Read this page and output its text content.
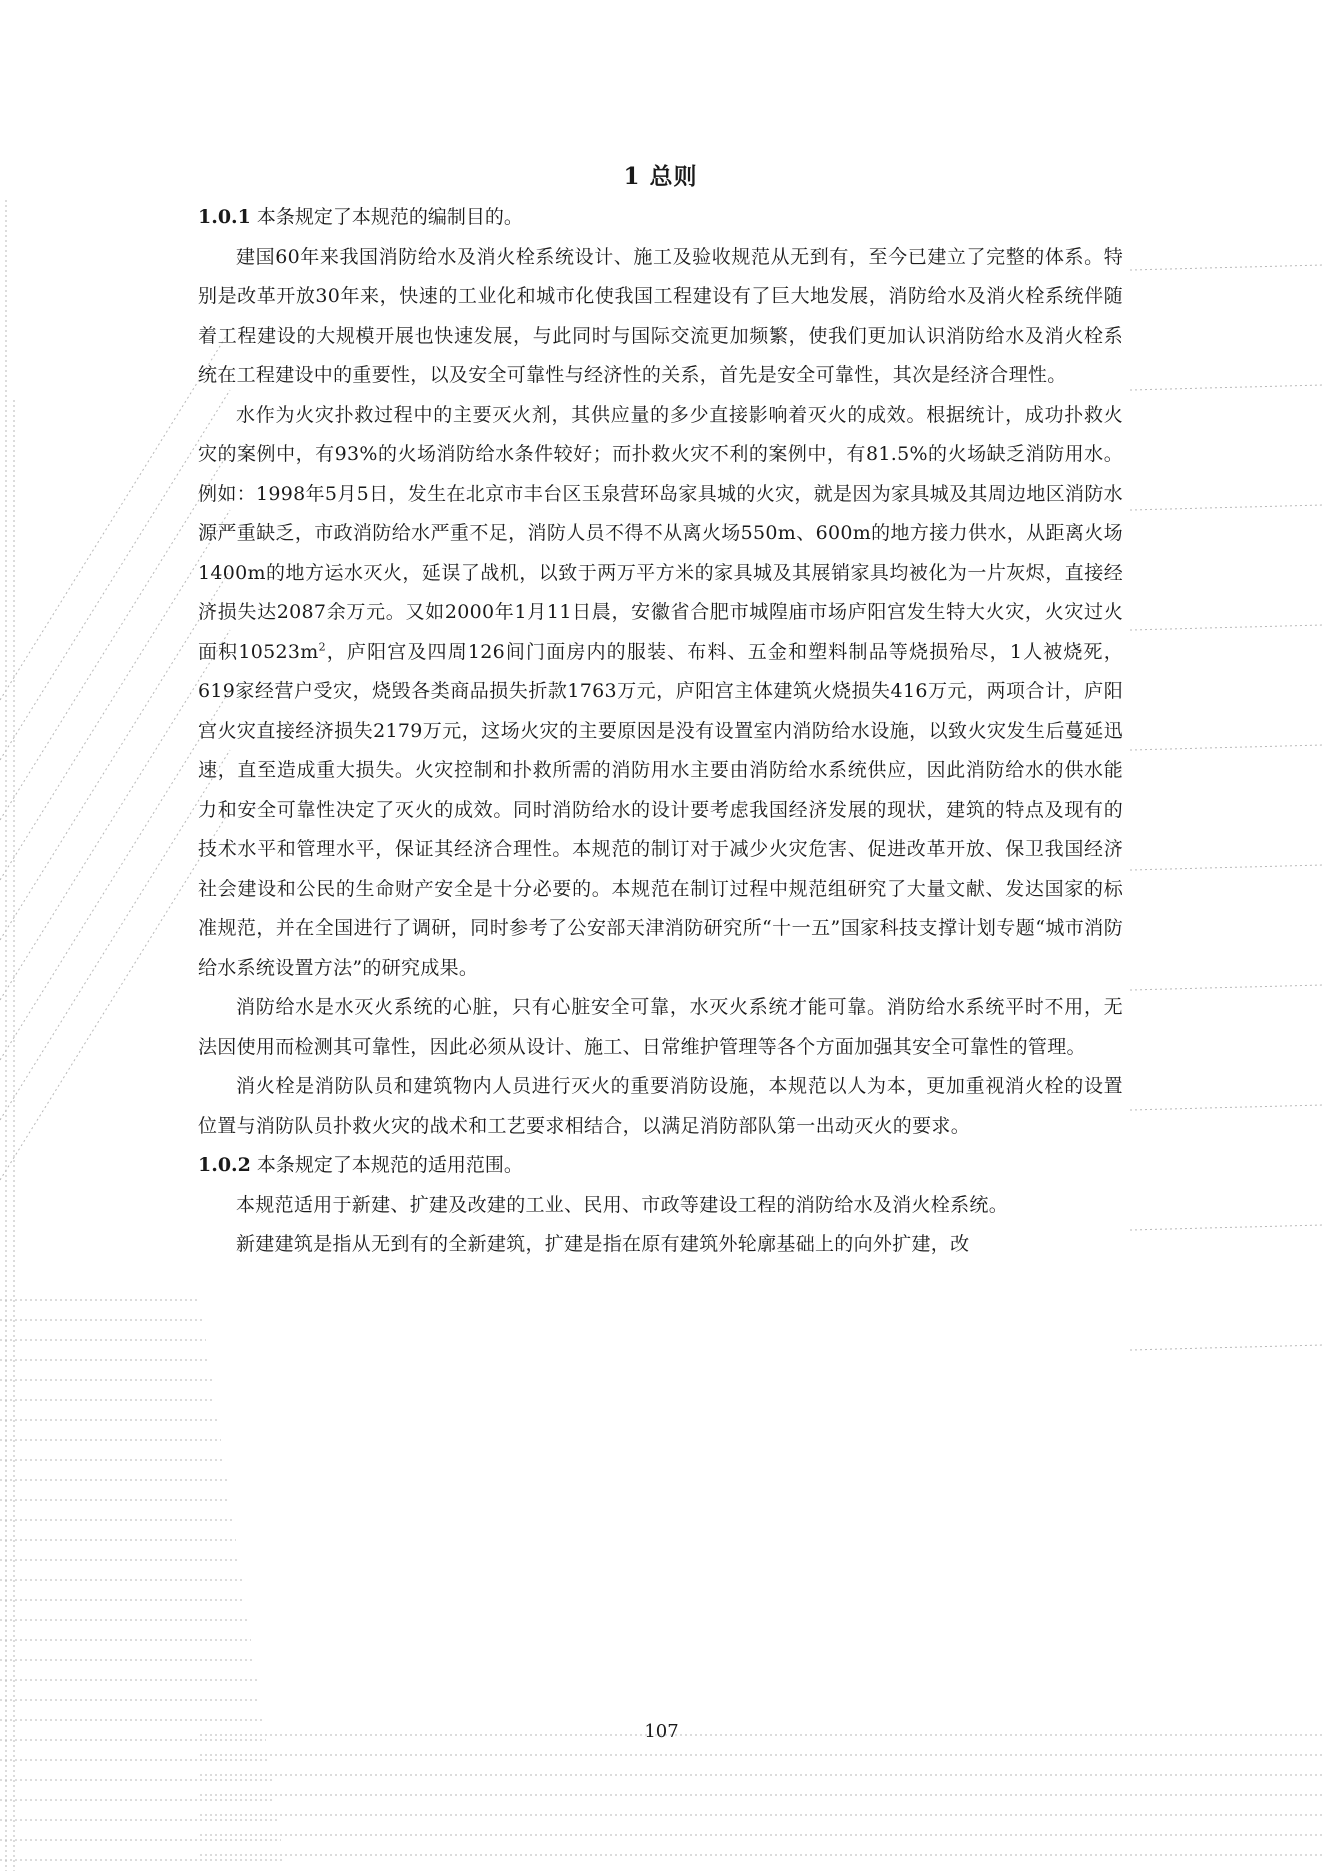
1 总则

1.0.1 本条规定了本规范的编制目的。

建国60年来我国消防给水及消火栓系统设计、施工及验收规范从无到有，至今已建立了完整的体系。特别是改革开放30年来，快速的工业化和城市化使我国工程建设有了巨大地发展，消防给水及消火栓系统伴随着工程建设的大规模开展也快速发展，与此同时与国际交流更加频繁，使我们更加认识消防给水及消火栓系统在工程建设中的重要性，以及安全可靠性与经济性的关系，首先是安全可靠性，其次是经济合理性。

水作为火灾扑救过程中的主要灭火剂，其供应量的多少直接影响着灭火的成效。根据统计，成功扑救火灾的案例中，有93%的火场消防给水条件较好；而扑救火灾不利的案例中，有81.5%的火场缺乏消防用水。例如：1998年5月5日，发生在北京市丰台区玉泉营环岛家具城的火灾，就是因为家具城及其周边地区消防水源严重缺乏，市政消防给水严重不足，消防人员不得不从离火场550m、600m的地方接力供水，从距离火场1400m的地方运水灭火，延误了战机，以致于两万平方米的家具城及其展销家具均被化为一片灰烬，直接经济损失达2087余万元。又如2000年1月11日晨，安徽省合肥市城隍庙市场庐阳宫发生特大火灾，火灾过火面积$10523m^2$，庐阳宫及四周126间门面房内的服装、布料、五金和塑料制品等烧损殆尽，1人被烧死，619家经营户受灾，烧毁各类商品损失折款1763万元，庐阳宫主体建筑火烧损失416万元，两项合计，庐阳宫火灾直接经济损失2179万元，这场火灾的主要原因是没有设置室内消防给水设施，以致火灾发生后蔓延迅速，直至造成重大损失。火灾控制和扑救所需的消防用水主要由消防给水系统供应，因此消防给水的供水能力和安全可靠性决定了灭火的成效。同时消防给水的设计要考虑我国经济发展的现状，建筑的特点及现有的技术水平和管理水平，保证其经济合理性。本规范的制订对于减少火灾危害、促进改革开放、保卫我国经济社会建设和公民的生命财产安全是十分必要的。本规范在制订过程中规范组研究了大量文献、发达国家的标准规范，并在全国进行了调研，同时参考了公安部天津消防研究所“十一五”国家科技支撑计划专题“城市消防给水系统设置方法”的研究成果。

消防给水是水灭火系统的心脏，只有心脏安全可靠，水灭火系统才能可靠。消防给水系统平时不用，无法因使用而检测其可靠性，因此必须从设计、施工、日常维护管理等各个方面加强其安全可靠性的管理。

消火栓是消防队员和建筑物内人员进行灭火的重要消防设施，本规范以人为本，更加重视消火栓的设置位置与消防队员扑救火灾的战术和工艺要求相结合，以满足消防部队第一出动灭火的要求。

1.0.2 本条规定了本规范的适用范围。

本规范适用于新建、扩建及改建的工业、民用、市政等建设工程的消防给水及消火栓系统。

新建建筑是指从无到有的全新建筑，扩建是指在原有建筑外轮廓基础上的向外扩建，改

107
